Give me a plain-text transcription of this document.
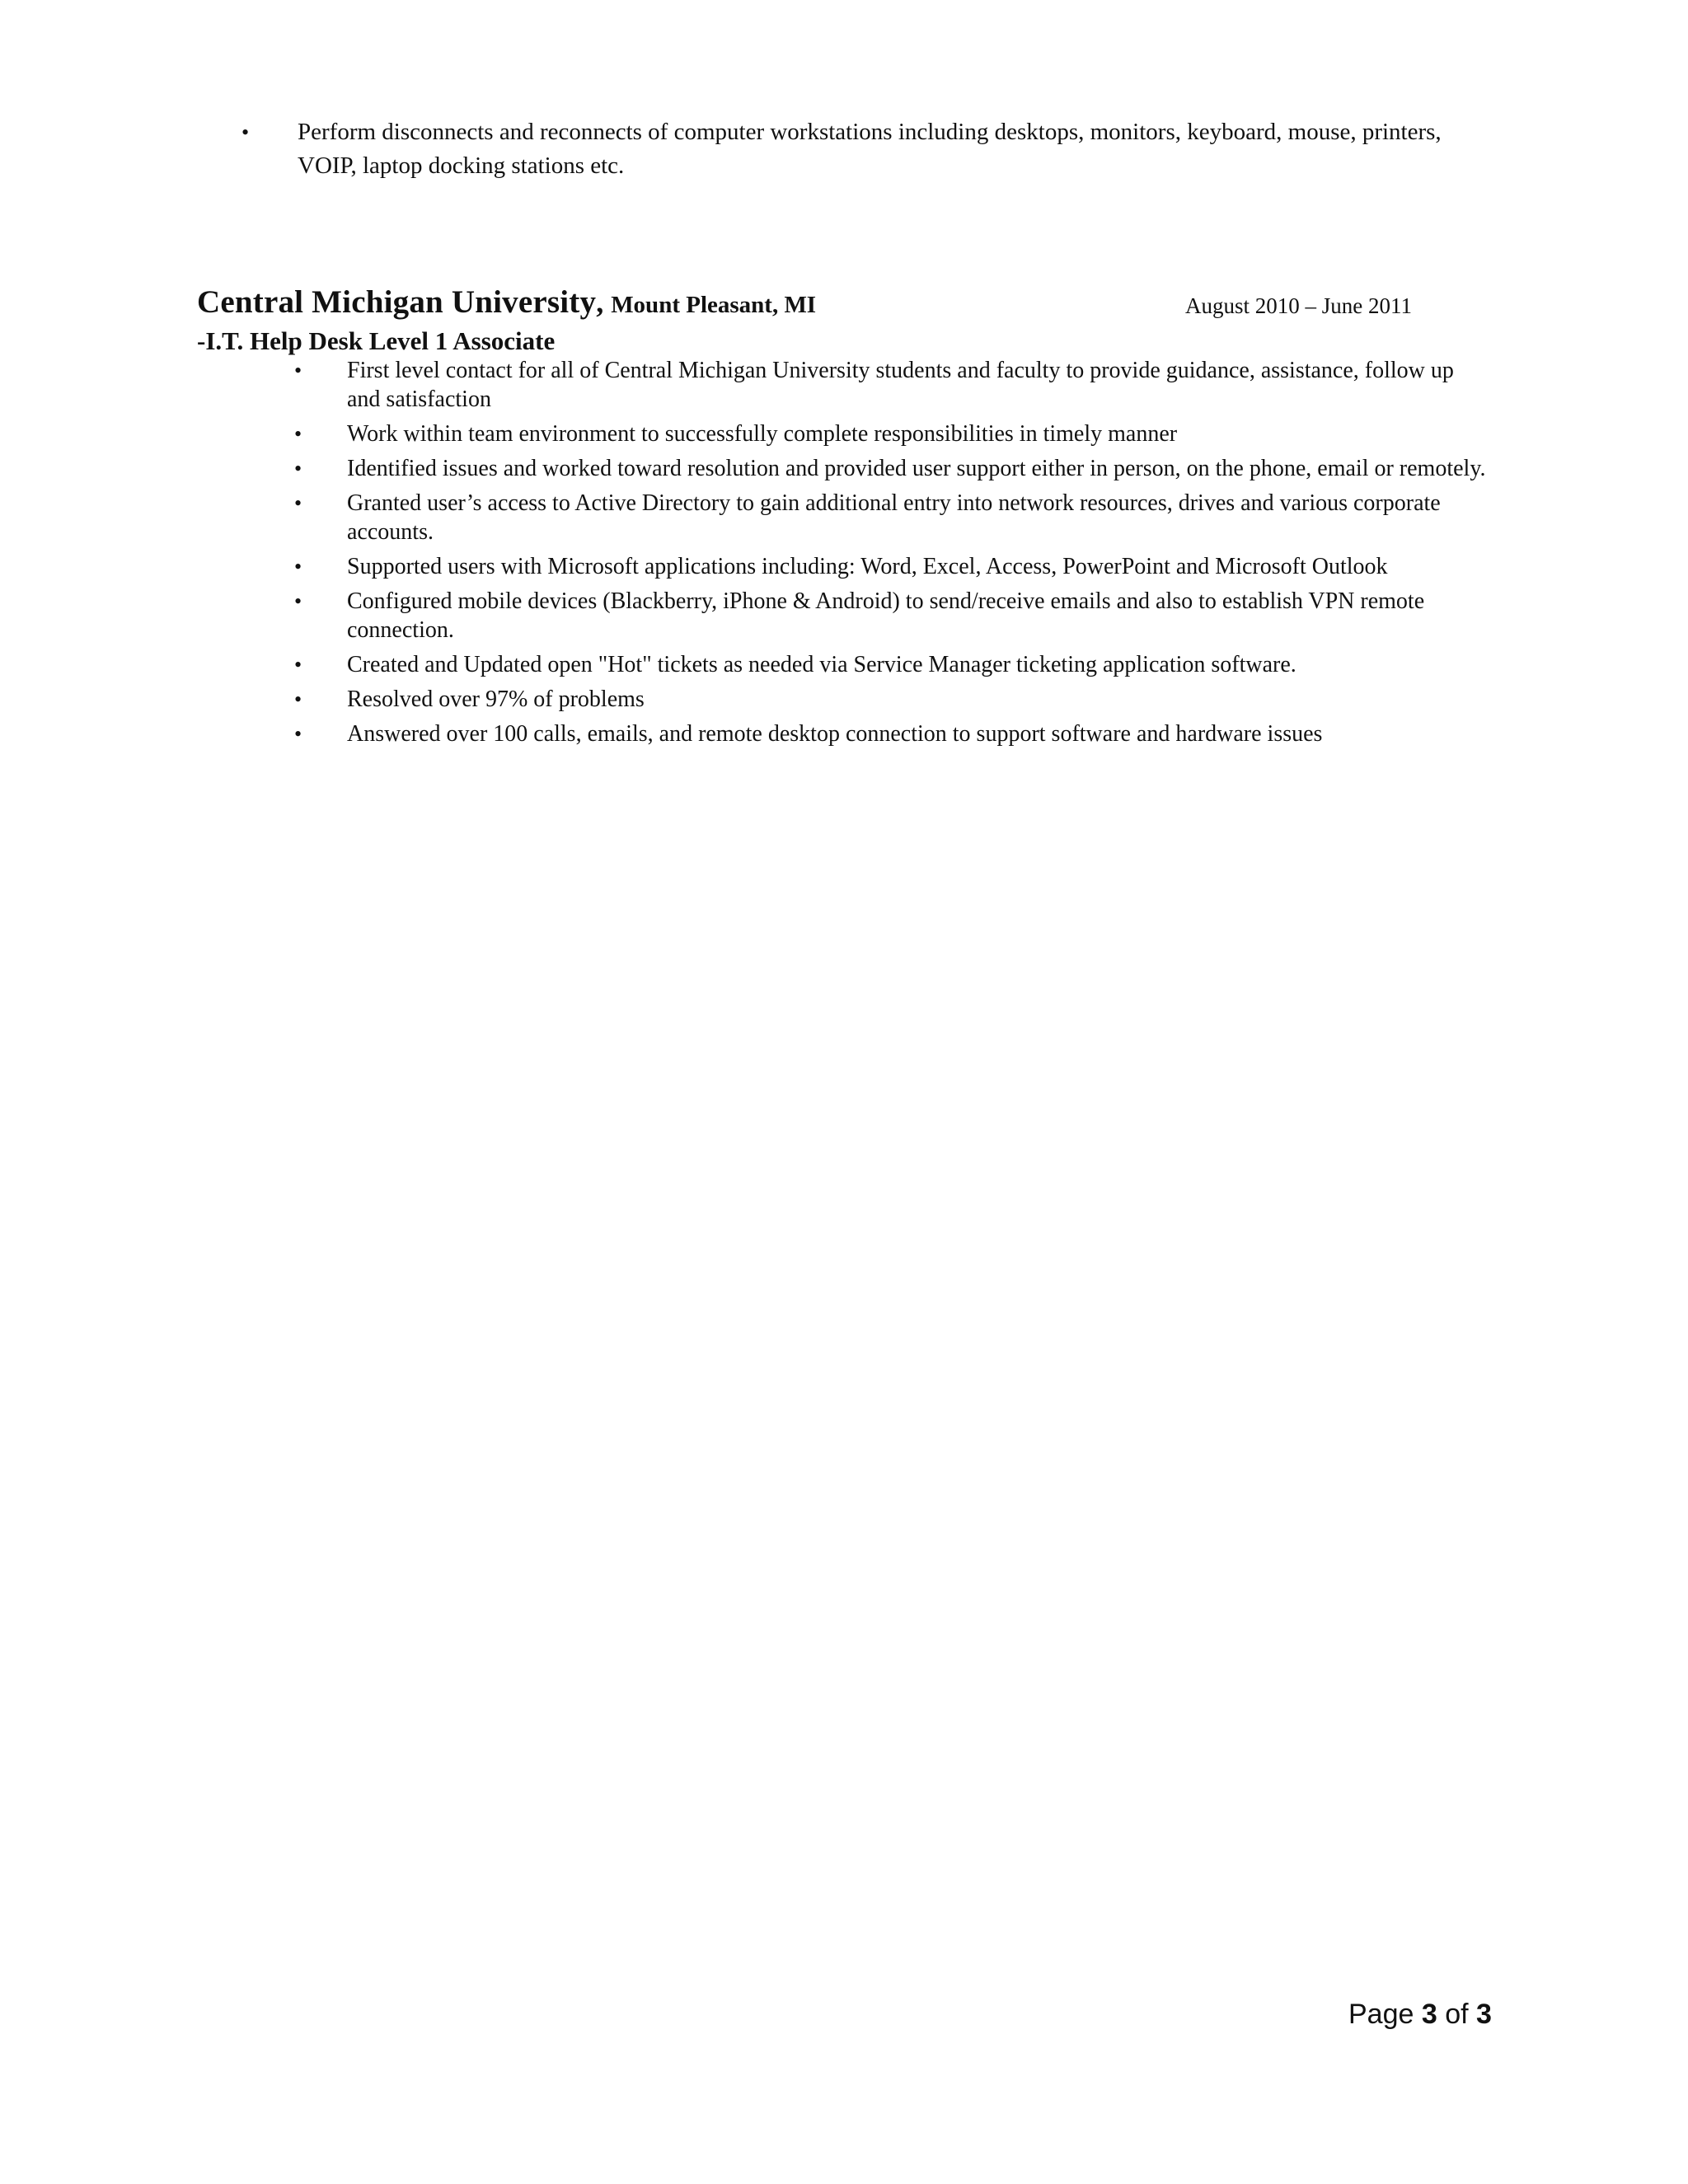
• Perform disconnects and reconnects of computer workstations including desktops, monitors, keyboard, mouse, printers, VOIP, laptop docking stations etc.
Central Michigan University, Mount Pleasant, MI	August 2010 – June 2011
-I.T. Help Desk Level 1 Associate
• First level contact for all of Central Michigan University students and faculty to provide guidance, assistance, follow up and satisfaction
• Work within team environment to successfully complete responsibilities in timely manner
• Identified issues and worked toward resolution and provided user support either in person, on the phone, email or remotely.
• Granted user’s access to Active Directory to gain additional entry into network resources, drives and various corporate accounts.
• Supported users with Microsoft applications including: Word, Excel, Access, PowerPoint and Microsoft Outlook
• Configured mobile devices (Blackberry, iPhone & Android) to send/receive emails and also to establish VPN remote connection.
• Created and Updated open "Hot" tickets as needed via Service Manager ticketing application software.
• Resolved over 97% of problems
• Answered over 100 calls, emails, and remote desktop connection to support software and hardware issues
Page 3 of 3
